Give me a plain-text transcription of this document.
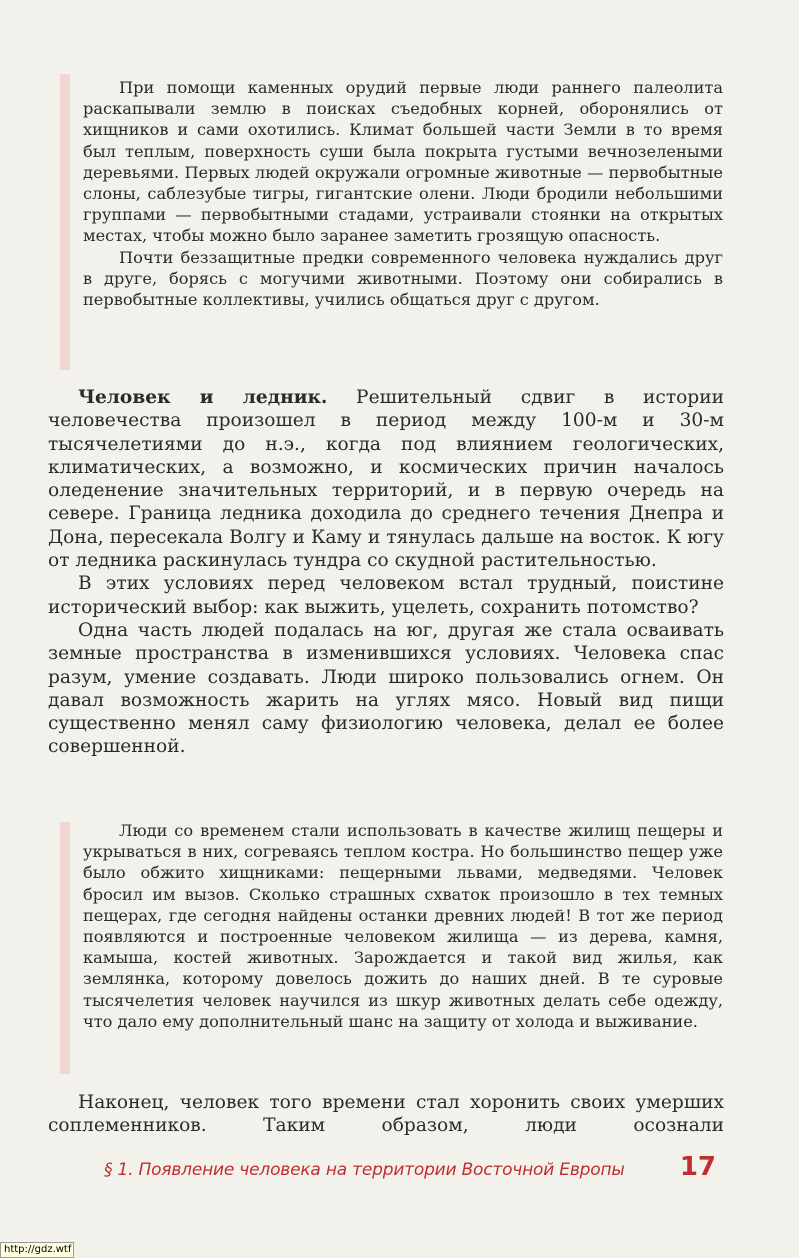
При помощи каменных орудий первые люди раннего палеолита раскапывали землю в поисках съедобных корней, оборонялись от хищников и сами охотились. Климат большей части Земли в то время был теплым, поверхность суши была покрыта густыми вечнозелеными деревьями. Первых людей окружали огромные животные — первобытные слоны, саблезубые тигры, гигантские олени. Люди бродили небольшими группами — первобытными стадами, устраивали стоянки на открытых местах, чтобы можно было заранее заметить грозящую опасность.

Почти беззащитные предки современного человека нуждались друг в друге, борясь с могучими животными. Поэтому они собирались в первобытные коллективы, учились общаться друг с другом.

Человек и ледник. Решительный сдвиг в истории человечества произошел в период между 100-м и 30-м тысячелетиями до н.э., когда под влиянием геологических, климатических, а возможно, и космических причин началось оледенение значительных территорий, и в первую очередь на севере. Граница ледника доходила до среднего течения Днепра и Дона, пересекала Волгу и Каму и тянулась дальше на восток. К югу от ледника раскинулась тундра со скудной растительностью.

В этих условиях перед человеком встал трудный, поистине исторический выбор: как выжить, уцелеть, сохранить потомство?

Одна часть людей подалась на юг, другая же стала осваивать земные пространства в изменившихся условиях. Человека спас разум, умение создавать. Люди широко пользовались огнем. Он давал возможность жарить на углях мясо. Новый вид пищи существенно менял саму физиологию человека, делал ее более совершенной.

Люди со временем стали использовать в качестве жилищ пещеры и укрываться в них, согреваясь теплом костра. Но большинство пещер уже было обжито хищниками: пещерными львами, медведями. Человек бросил им вызов. Сколько страшных схваток произошло в тех темных пещерах, где сегодня найдены останки древних людей! В тот же период появляются и построенные человеком жилища — из дерева, камня, камыша, костей животных. Зарождается и такой вид жилья, как землянка, которому довелось дожить до наших дней. В те суровые тысячелетия человек научился из шкур животных делать себе одежду, что дало ему дополнительный шанс на защиту от холода и выживание.

Наконец, человек того времени стал хоронить своих умерших соплеменников. Таким образом, люди осознали

§ 1. Появление человека на территории Восточной Европы 17
http://gdz.wtf
